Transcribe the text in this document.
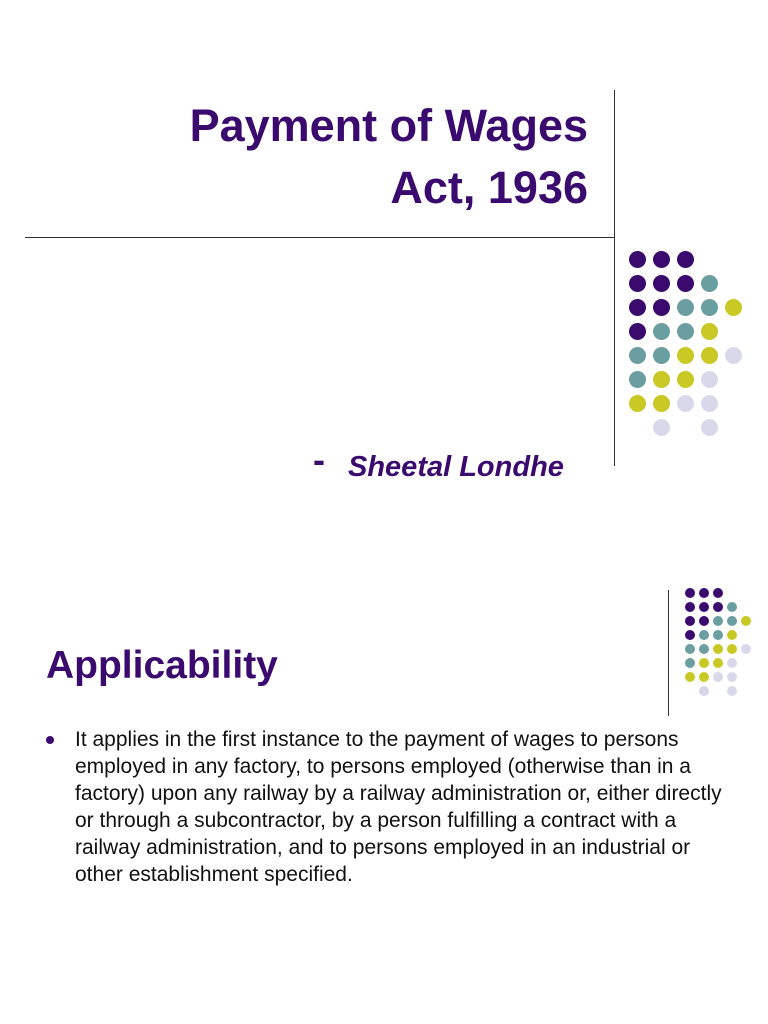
Payment of Wages
Act, 1936
- Sheetal Londhe
Applicability
It applies in the first instance to the payment of wages to persons employed in any factory, to persons employed (otherwise than in a factory) upon any railway by a railway administration or, either directly or through a subcontractor, by a person fulfilling a contract with a railway administration, and to persons employed in an industrial or other establishment specified.
